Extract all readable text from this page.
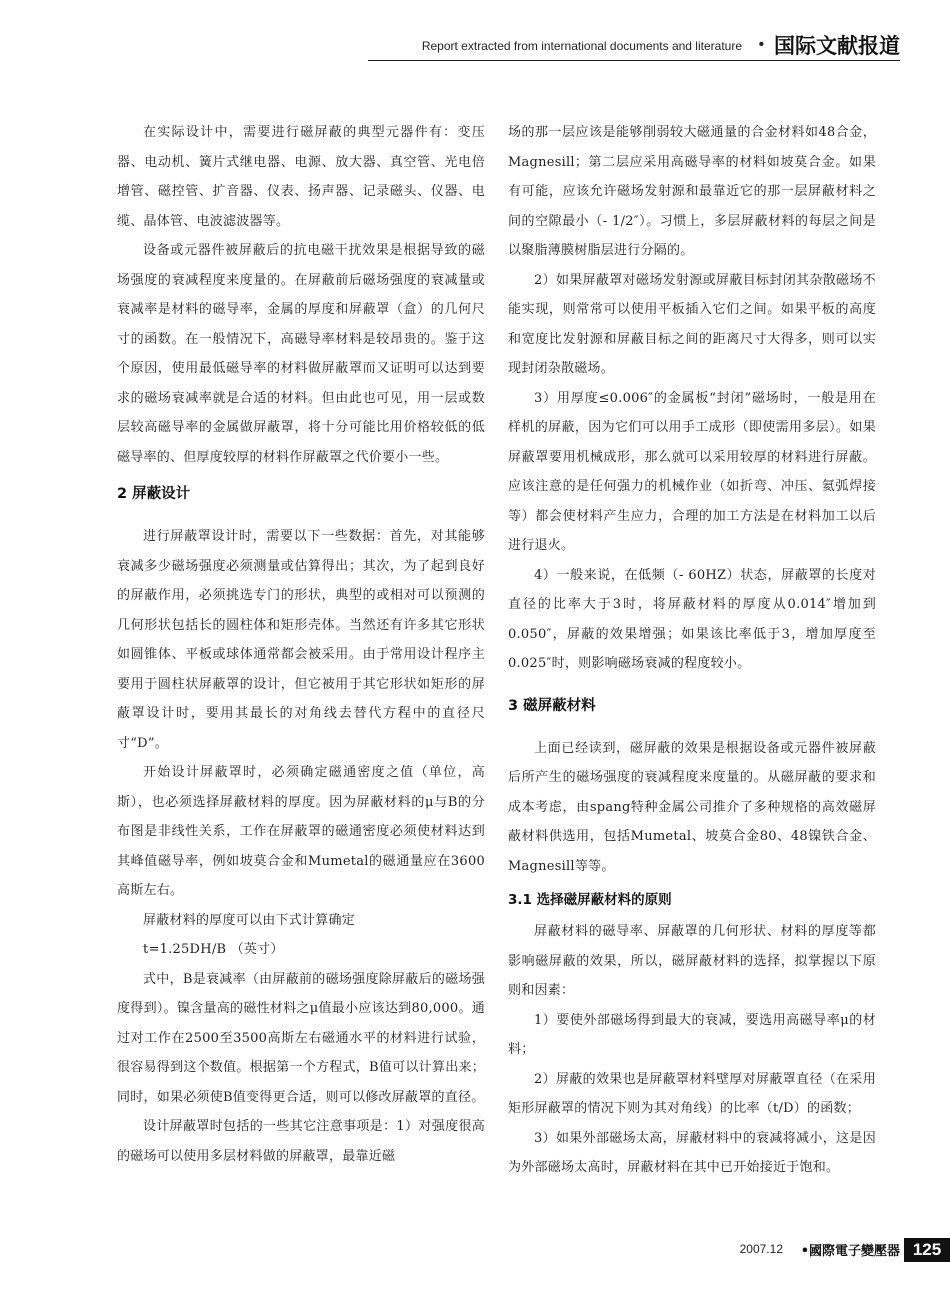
Report extracted from international documents and literature • 国际文献报道

在实际设计中，需要进行磁屏蔽的典型元器件有：变压器、电动机、簧片式继电器、电源、放大器、真空管、光电倍增管、磁控管、扩音器、仪表、扬声器、记录磁头、仪器、电缆、晶体管、电波滤波器等。

设备或元器件被屏蔽后的抗电磁干扰效果是根据导致的磁场强度的衰减程度来度量的。在屏蔽前后磁场强度的衰减量或衰减率是材料的磁导率，金属的厚度和屏蔽罩（盒）的几何尺寸的函数。在一般情况下，高磁导率材料是较昂贵的。鉴于这个原因，使用最低磁导率的材料做屏蔽罩而又证明可以达到要求的磁场衰减率就是合适的材料。但由此也可见，用一层或数层较高磁导率的金属做屏蔽罩，将十分可能比用价格较低的低磁导率的、但厚度较厚的材料作屏蔽罩之代价要小一些。

2 屏蔽设计

进行屏蔽罩设计时，需要以下一些数据：首先，对其能够衰减多少磁场强度必须测量或估算得出；其次，为了起到良好的屏蔽作用，必须挑选专门的形状，典型的或相对可以预测的几何形状包括长的圆柱体和矩形壳体。当然还有许多其它形状如圆锥体、平板或球体通常都会被采用。由于常用设计程序主要用于圆柱状屏蔽罩的设计，但它被用于其它形状如矩形的屏蔽罩设计时，要用其最长的对角线去替代方程中的直径尺寸“D”。

开始设计屏蔽罩时，必须确定磁通密度之值（单位，高斯），也必须选择屏蔽材料的厚度。因为屏蔽材料的μ与B的分布图是非线性关系，工作在屏蔽罩的磁通密度必须使材料达到其峰值磁导率，例如坡莫合金和Mumetal的磁通量应在3600高斯左右。

屏蔽材料的厚度可以由下式计算确定

t=1.25DH/B （英寸）

式中，B是衰减率（由屏蔽前的磁场强度除屏蔽后的磁场强度得到）。镍含量高的磁性材料之μ值最小应该达到80,000。通过对工作在2500至3500高斯左右磁通水平的材料进行试验，很容易得到这个数值。根据第一个方程式，B值可以计算出来；同时，如果必须使B值变得更合适，则可以修改屏蔽罩的直径。

设计屏蔽罩时包括的一些其它注意事项是：1）对强度很高的磁场可以使用多层材料做的屏蔽罩，最靠近磁

场的那一层应该是能够削弱较大磁通量的合金材料如48合金，Magnesill；第二层应采用高磁导率的材料如坡莫合金。如果有可能，应该允许磁场发射源和最靠近它的那一层屏蔽材料之间的空隙最小（- 1/2″）。习惯上，多层屏蔽材料的每层之间是以聚脂薄膜树脂层进行分隔的。

2）如果屏蔽罩对磁场发射源或屏蔽目标封闭其杂散磁场不能实现，则常常可以使用平板插入它们之间。如果平板的高度和宽度比发射源和屏蔽目标之间的距离尺寸大得多，则可以实现封闭杂散磁场。

3）用厚度≤0.006″的金属板“封闭”磁场时，一般是用在样机的屏蔽，因为它们可以用手工成形（即使需用多层）。如果屏蔽罩要用机械成形，那么就可以采用较厚的材料进行屏蔽。应该注意的是任何强力的机械作业（如折弯、冲压、氦弧焊接等）都会使材料产生应力，合理的加工方法是在材料加工以后进行退火。

4）一般来说，在低频（- 60HZ）状态，屏蔽罩的长度对直径的比率大于3时，将屏蔽材料的厚度从0.014″增加到0.050″，屏蔽的效果增强；如果该比率低于3，增加厚度至0.025″时，则影响磁场衰减的程度较小。

3 磁屏蔽材料

上面已经读到，磁屏蔽的效果是根据设备或元器件被屏蔽后所产生的磁场强度的衰减程度来度量的。从磁屏蔽的要求和成本考虑，由spang特种金属公司推介了多种规格的高效磁屏蔽材料供选用，包括Mumetal、坡莫合金80、48镍铁合金、Magnesill等等。

3.1 选择磁屏蔽材料的原则

屏蔽材料的磁导率、屏蔽罩的几何形状、材料的厚度等都影响磁屏蔽的效果，所以，磁屏蔽材料的选择，拟掌握以下原则和因素：

1）要使外部磁场得到最大的衰减，要选用高磁导率μ的材料；

2）屏蔽的效果也是屏蔽罩材料壁厚对屏蔽罩直径（在采用矩形屏蔽罩的情况下则为其对角线）的比率（t/D）的函数；

3）如果外部磁场太高，屏蔽材料中的衰减将减小，这是因为外部磁场太高时，屏蔽材料在其中已开始接近于饱和。

2007.12 •國際電子變壓器 125
